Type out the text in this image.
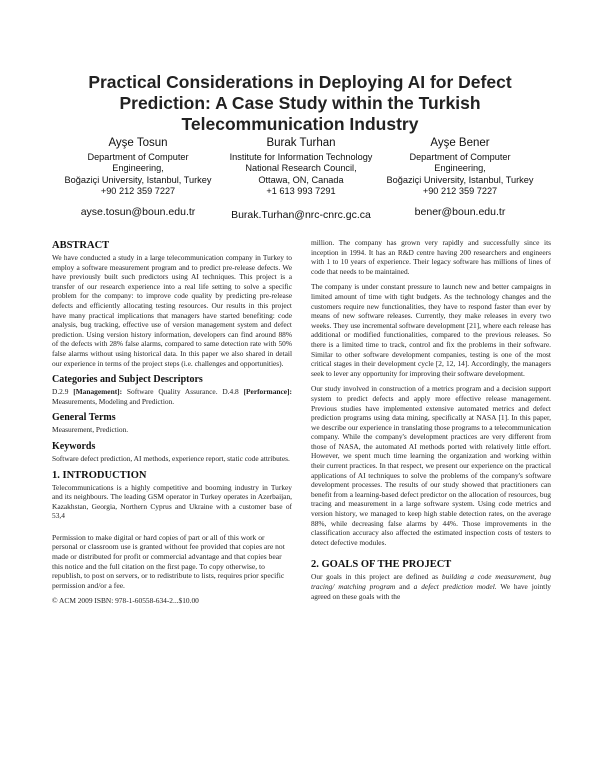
Practical Considerations in Deploying AI for Defect Prediction: A Case Study within the Turkish Telecommunication Industry
Ayşe Tosun
Department of Computer
Engineering,
Boğaziçi University, Istanbul, Turkey
+90 212 359 7227
ayse.tosun@boun.edu.tr
Burak Turhan
Institute for Information Technology
National Research Council,
Ottawa, ON, Canada
+1 613 993 7291
Burak.Turhan@nrc-cnrc.gc.ca
Ayşe Bener
Department of Computer
Engineering,
Boğaziçi University, Istanbul, Turkey
+90 212 359 7227
bener@boun.edu.tr
ABSTRACT

We have conducted a study in a large telecommunication company in Turkey to employ a software measurement program and to predict pre-release defects. We have previously built such predictors using AI techniques. This project is a transfer of our research experience into a real life setting to solve a specific problem for the company: to improve code quality by predicting pre-release defects and efficiently allocating testing resources. Our results in this project have many practical implications that managers have started benefiting: code analysis, bug tracking, effective use of version management system and defect prediction. Using version history information, developers can find around 88% of the defects with 28% false alarms, compared to same detection rate with 50% false alarms without using historical data. In this paper we also shared in detail our experience in terms of the project steps (i.e. challenges and opportunities).

Categories and Subject Descriptors

D.2.9 [Management]: Software Quality Assurance. D.4.8 [Performance]: Measurements, Modeling and Prediction.

General Terms

Measurement, Prediction.

Keywords

Software defect prediction, AI methods, experience report, static code attributes.

1. INTRODUCTION

Telecommunications is a highly competitive and booming industry in Turkey and its neighbours. The leading GSM operator in Turkey operates in Azerbaijan, Kazakhstan, Georgia, Northern Cyprus and Ukraine with a customer base of 53,4

Permission to make digital or hard copies of part or all of this work or personal or classroom use is granted without fee provided that copies are not made or distributed for profit or commercial advantage and that copies bear this notice and the full citation on the first page. To copy otherwise, to republish, to post on servers, or to redistribute to lists, requires prior specific permission and/or a fee.

© ACM 2009 ISBN: 978-1-60558-634-2...$10.00

million. The company has grown very rapidly and successfully since its inception in 1994. It has an R&D centre having 200 researchers and engineers with 1 to 10 years of experience. Their legacy software has millions of lines of code that needs to be maintained.

The company is under constant pressure to launch new and better campaigns in limited amount of time with tight budgets. As the technology changes and the customers require new functionalities, they have to respond faster than ever by means of new software releases. Currently, they make releases in every two weeks. They use incremental software development [21], where each release has additional or modified functionalities, compared to the previous releases. So there is a limited time to track, control and fix the problems in their software. Similar to other software development companies, testing is one of the most critical stages in their development cycle [2, 12, 14]. Accordingly, the managers seek to lever any opportunity for improving their software development.

Our study involved in construction of a metrics program and a decision support system to predict defects and apply more effective release management. Previous studies have implemented extensive automated metrics and defect prediction programs using data mining, specifically at NASA [1]. In this paper, we describe our experience in translating those programs to a telecommunication company. While the company's development practices are very different from those of NASA, the automated AI methods ported with relatively little effort. However, we spent much time learning the organization and working within their current practices. In that respect, we present our experience on the practical applications of AI techniques to solve the problems of the company's software development processes. The results of our study showed that practitioners can benefit from a learning-based defect predictor on the allocation of resources, bug tracing and measurement in a large software system. Using code metrics and version history, we managed to keep high stable detection rates, on the average 88%, while decreasing false alarms by 44%. Those improvements in the classification accuracy also affected the estimated inspection costs of testers to detect defective modules.

2. GOALS OF THE PROJECT

Our goals in this project are defined as building a code measurement, bug tracing/ matching program and a defect prediction model. We have jointly agreed on these goals with the
